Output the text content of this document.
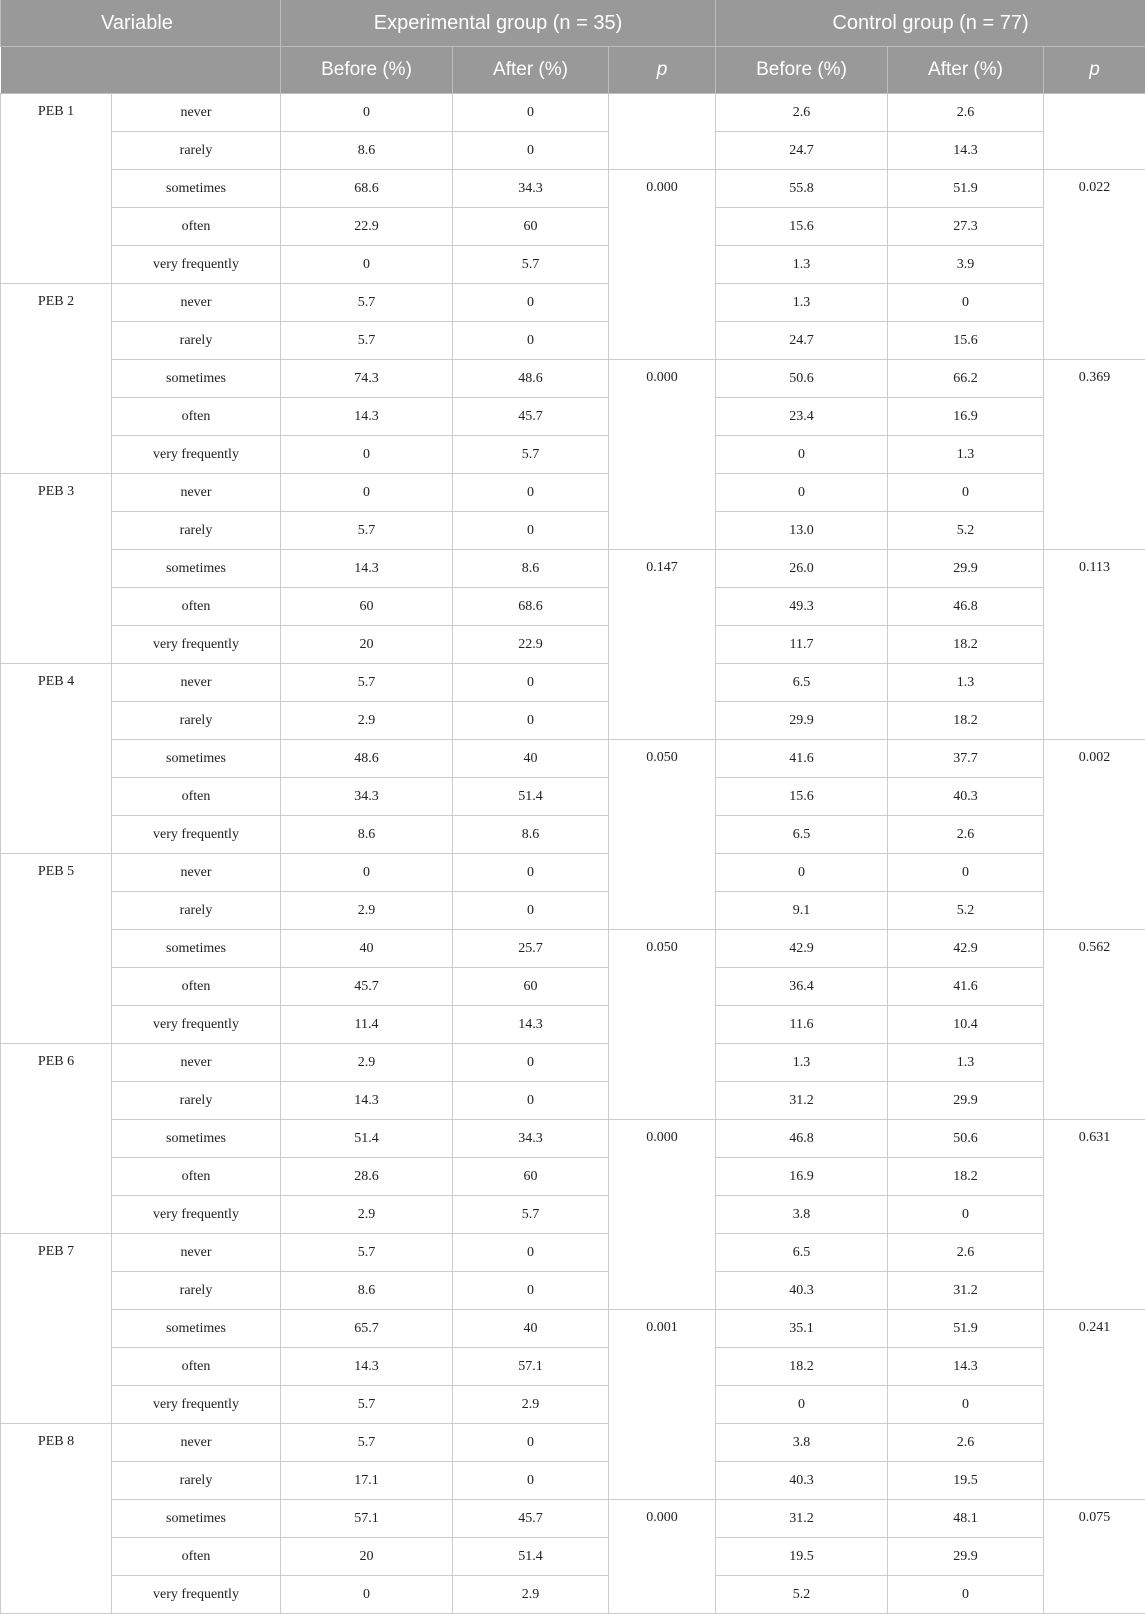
Variable		Experimental group (n = 35)			Control group (n = 77)		
		Before (%)	After (%)	p	Before (%)	After (%)	p
PEB 1	never	0	0		2.6	2.6	
	rarely	8.6	0		24.7	14.3	
	sometimes	68.6	34.3	0.000	55.8	51.9	0.022
	often	22.9	60		15.6	27.3	
	very frequently	0	5.7		1.3	3.9	
PEB 2	never	5.7	0		1.3	0	
	rarely	5.7	0		24.7	15.6	
	sometimes	74.3	48.6	0.000	50.6	66.2	0.369
	often	14.3	45.7		23.4	16.9	
	very frequently	0	5.7		0	1.3	
PEB 3	never	0	0		0	0	
	rarely	5.7	0		13.0	5.2	
	sometimes	14.3	8.6	0.147	26.0	29.9	0.113
	often	60	68.6		49.3	46.8	
	very frequently	20	22.9		11.7	18.2	
PEB 4	never	5.7	0		6.5	1.3	
	rarely	2.9	0		29.9	18.2	
	sometimes	48.6	40	0.050	41.6	37.7	0.002
	often	34.3	51.4		15.6	40.3	
	very frequently	8.6	8.6		6.5	2.6	
PEB 5	never	0	0		0	0	
	rarely	2.9	0		9.1	5.2	
	sometimes	40	25.7	0.050	42.9	42.9	0.562
	often	45.7	60		36.4	41.6	
	very frequently	11.4	14.3		11.6	10.4	
PEB 6	never	2.9	0		1.3	1.3	
	rarely	14.3	0		31.2	29.9	
	sometimes	51.4	34.3	0.000	46.8	50.6	0.631
	often	28.6	60		16.9	18.2	
	very frequently	2.9	5.7		3.8	0	
PEB 7	never	5.7	0		6.5	2.6	
	rarely	8.6	0		40.3	31.2	
	sometimes	65.7	40	0.001	35.1	51.9	0.241
	often	14.3	57.1		18.2	14.3	
	very frequently	5.7	2.9		0	0	
PEB 8	never	5.7	0		3.8	2.6	
	rarely	17.1	0		40.3	19.5	
	sometimes	57.1	45.7	0.000	31.2	48.1	0.075
	often	20	51.4		19.5	29.9	
	very frequently	0	2.9		5.2	0	
